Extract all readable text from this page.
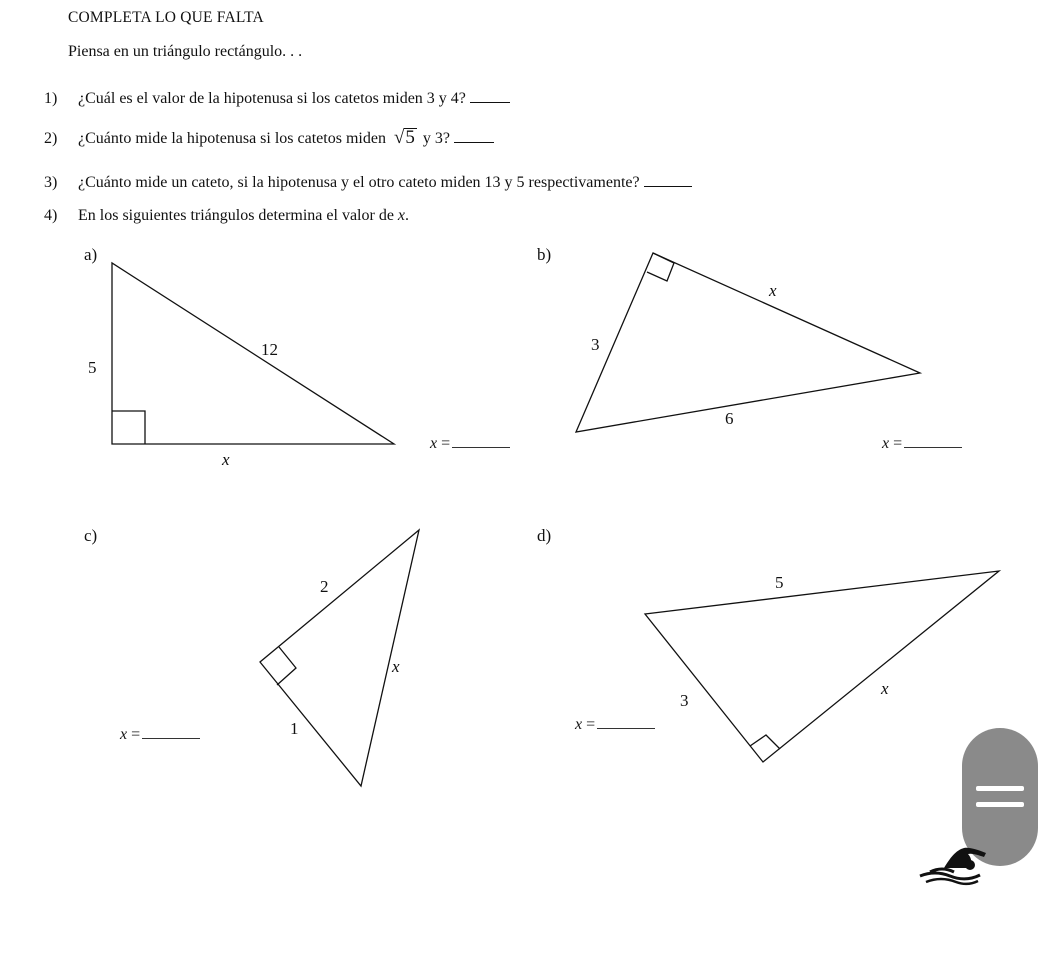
COMPLETA LO QUE FALTA
Piensa en un triángulo rectángulo. . .
1) ¿Cuál es el valor de la hipotenusa si los catetos miden 3 y 4?
2) ¿Cuánto mide la hipotenusa si los catetos miden √5 y 3?
3) ¿Cuánto mide un cateto, si la hipotenusa y el otro cateto miden 13 y 5 respectivamente?
4) En los siguientes triángulos determina el valor de x.
a)
5
12
x
x =
b)
3
x
6
x =
c)
2
1
x
x =
d)
5
3
x
x =
